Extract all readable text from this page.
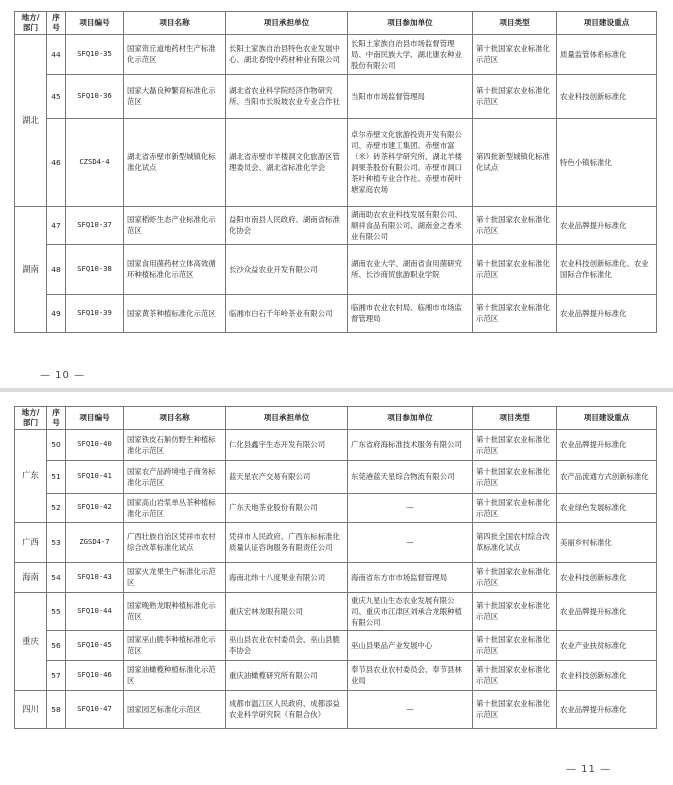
地方/部门	序号	项目编号	项目名称	项目承担单位	项目参加单位	项目类型	项目建设重点
湖北	44	SFQ10-35	国家资丘道地药材生产标准化示范区	长阳土家族自治县特色农业发展中心、湖北春悦中药材种业有限公司	长阳土家族自治县市场监督管理局、中南民族大学、湖北康农种业股份有限公司	第十批国家农业标准化示范区	质量监管体系标准化
	45	SFQ10-36	国家大磊良种繁育标准化示范区	湖北省农业科学院经济作物研究所、当阳市长坂坡农业专业合作社	当阳市市场监督管理局	第十批国家农业标准化示范区	农业科技创新标准化
	46	CZSD4-4	湖北省赤壁市新型城镇化标准化试点	湖北省赤壁市羊楼洞文化旅游区管理委员会、湖北省标准化学会	卓尔赤壁文化旅游投资开发有限公司、赤壁市建工集团、赤壁市富（米）砖茶科学研究所、湖北羊楼洞果茶股份有限公司、赤壁市洞口茶叶种植专业合作社、赤壁市荷叶塘家庭农场	第四批新型城镇化标准化试点	特色小镇标准化
湖南	47	SFQ10-37	国家稻虾生态产业标准化示范区	益阳市南县人民政府、湖南省标准化协会	湖南助农农业科技发展有限公司、顺祥食品有限公司、湖南金之香米业有限公司	第十批国家农业标准化示范区	农业品牌提升标准化
	48	SFQ10-38	国家食用菌药材立体高效循环种植标准化示范区	长沙众益农业开发有限公司	湖南农业大学、湖南省食用菌研究所、长沙商贸旅游职业学院	第十批国家农业标准化示范区	农业科技创新标准化、农业国际合作标准化
	49	SFQ10-39	国家黄茶种植标准化示范区	临湘市白石千年岭茶业有限公司	临湘市农业农村局、临湘市市场监督管理局	第十批国家农业标准化示范区	农业品牌提升标准化
— 10 —
地方/部门	序号	项目编号	项目名称	项目承担单位	项目参加单位	项目类型	项目建设重点
广东	50	SFQ10-40	国家铁皮石斛仿野生种植标准化示范区	仁化县鑫宇生态开发有限公司	广东省府海标准技术服务有限公司	第十批国家农业标准化示范区	农业品牌提升标准化
	51	SFQ10-41	国家农产品跨境电子商务标准化示范区	蓝天星农产交易有限公司	东莞港蓝天星综合物流有限公司	第十批国家农业标准化示范区	农产品流通方式创新标准化
	52	SFQ10-42	国家高山岩浆单丛茶种植标准化示范区	广东天地茶业股份有限公司	—	第十批国家农业标准化示范区	农业绿色发展标准化
广西	53	ZGSD4-7	广西壮族自治区凭祥市农村综合改革标准化试点	凭祥市人民政府、广西东标标准化质量认证咨询服务有限责任公司	—	第四批全国农村综合改革标准化试点	美丽乡村标准化
海南	54	SFQ10-43	国家火龙果生产标准化示范区	海南北纬十八度果业有限公司	海南省东方市市场监督管理局	第十批国家农业标准化示范区	农业科技创新标准化
重庆	55	SFQ10-44	国家晚熟龙眼种植标准化示范区	重庆宏林龙眼有限公司	重庆九星山生态农业发展有限公司、重庆市江津区刘承合龙眼种植有限公司	第十批国家农业标准化示范区	农业品牌提升标准化
	56	SFQ10-45	国家巫山脆李种植标准化示范区	巫山县农业农村委员会、巫山县脆李协会	巫山县果品产业发展中心	第十批国家农业标准化示范区	农业产业扶贫标准化
	57	SFQ10-46	国家油橄榄种植标准化示范区	重庆油橄榄研究所有限公司	奉节县农业农村委员会、奉节县林业局	第十批国家农业标准化示范区	农业科技创新标准化
四川	58	SFQ10-47	国家园艺标准化示范区	成都市温江区人民政府、成都添益农业科学研究院（有限合伙）	—	第十批国家农业标准化示范区	农业品牌提升标准化
— 11 —
